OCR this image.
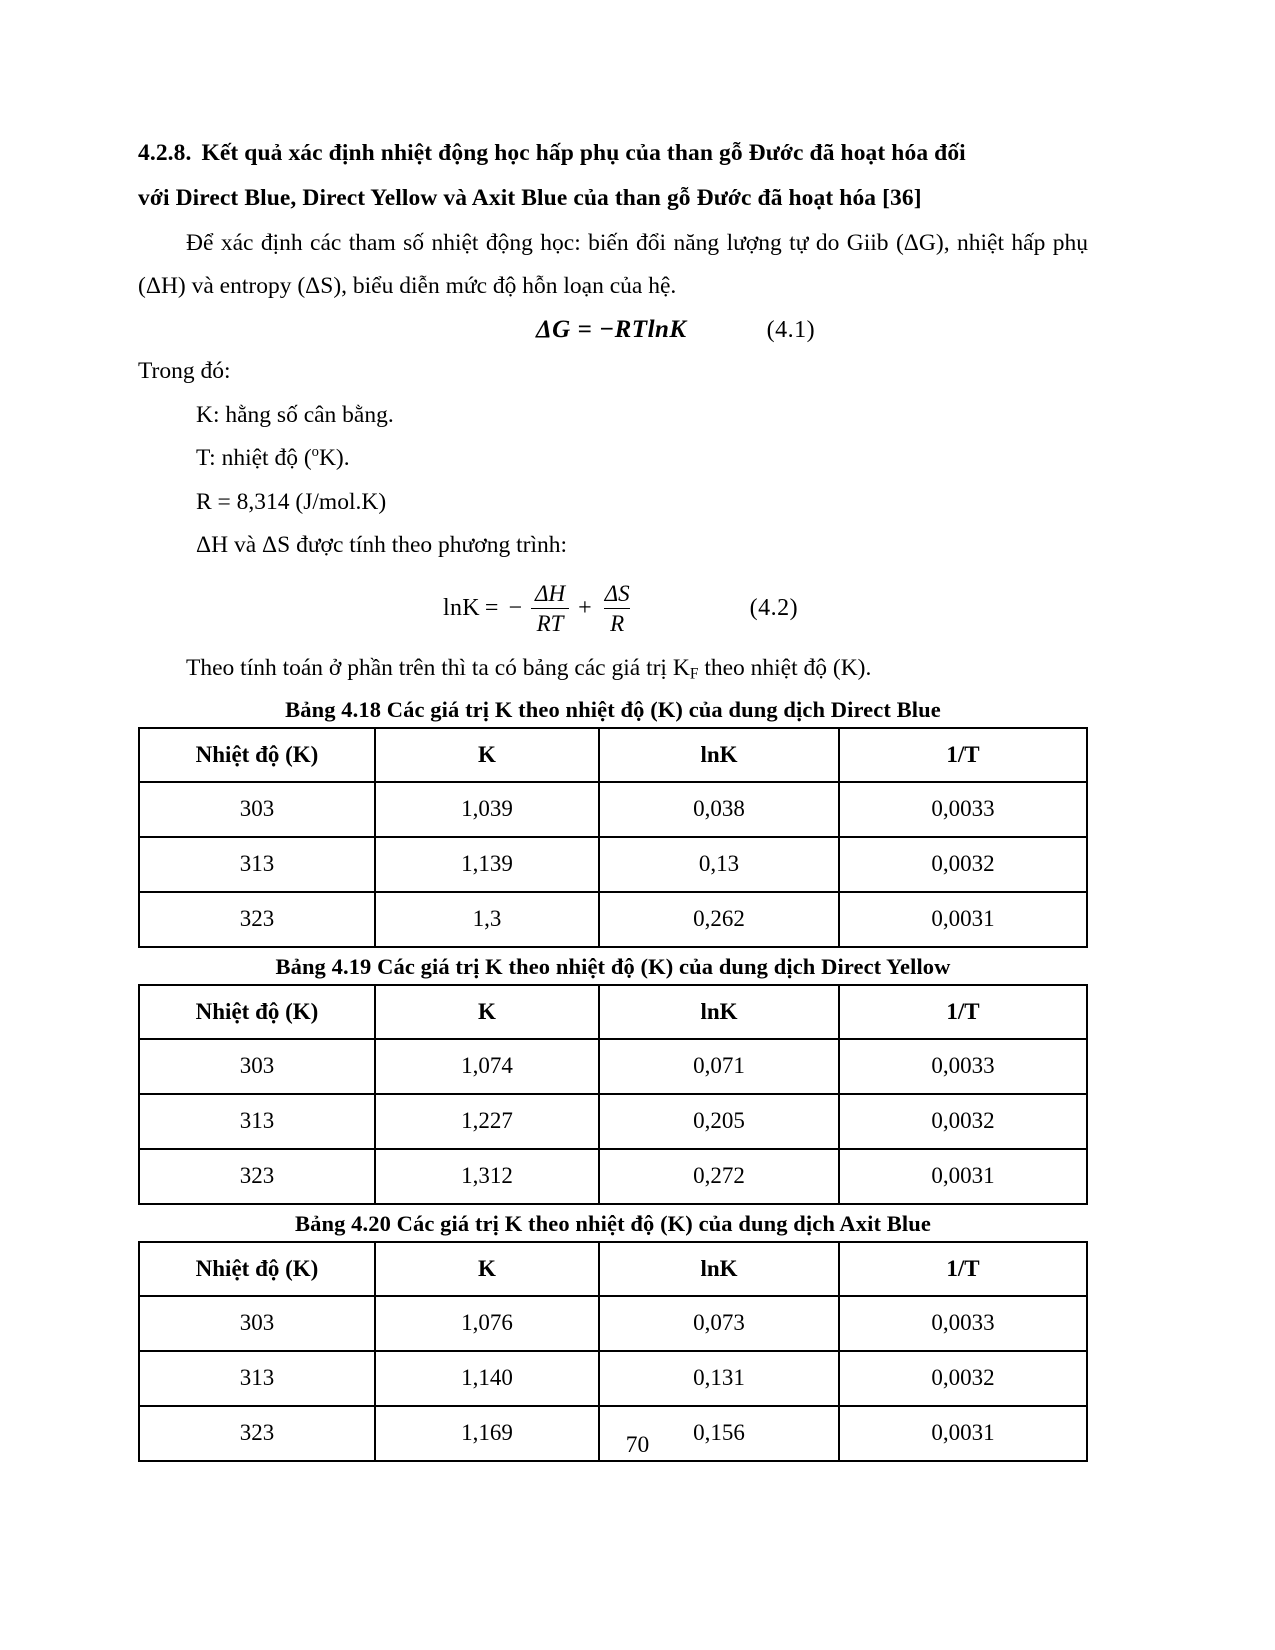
4.2.8. Kết quả xác định nhiệt động học hấp phụ của than gỗ Đước đã hoạt hóa đối
với Direct Blue, Direct Yellow và Axit Blue của than gỗ Đước đã hoạt hóa [36]

Để xác định các tham số nhiệt động học: biến đổi năng lượng tự do Giib (ΔG), nhiệt hấp phụ (ΔH) và entropy (ΔS), biểu diễn mức độ hỗn loạn của hệ.

ΔG = −RTlnK	(4.1)

Trong đó:

K: hằng số cân bằng.
T: nhiệt độ ($^o$K).
R = 8,314 (J/mol.K)
ΔH và ΔS được tính theo phương trình:
lnK = − $\frac{\Delta H}{RT} + \frac{\Delta S}{R}$	(4.2)

Theo tính toán ở phần trên thì ta có bảng các giá trị $K_F$ theo nhiệt độ (K).

Bảng 4.18 Các giá trị K theo nhiệt độ (K) của dung dịch Direct Blue
Nhiệt độ (K)	K	lnK	1/T
303	1,039	0,038	0,0033
313	1,139	0,13	0,0032
323	1,3	0,262	0,0031
Bảng 4.19 Các giá trị K theo nhiệt độ (K) của dung dịch Direct Yellow
Nhiệt độ (K)	K	lnK	1/T
303	1,074	0,071	0,0033
313	1,227	0,205	0,0032
323	1,312	0,272	0,0031
Bảng 4.20 Các giá trị K theo nhiệt độ (K) của dung dịch Axit Blue
Nhiệt độ (K)	K	lnK	1/T
303	1,076	0,073	0,0033
313	1,140	0,131	0,0032
323	1,169	0,156	0,0031
70
